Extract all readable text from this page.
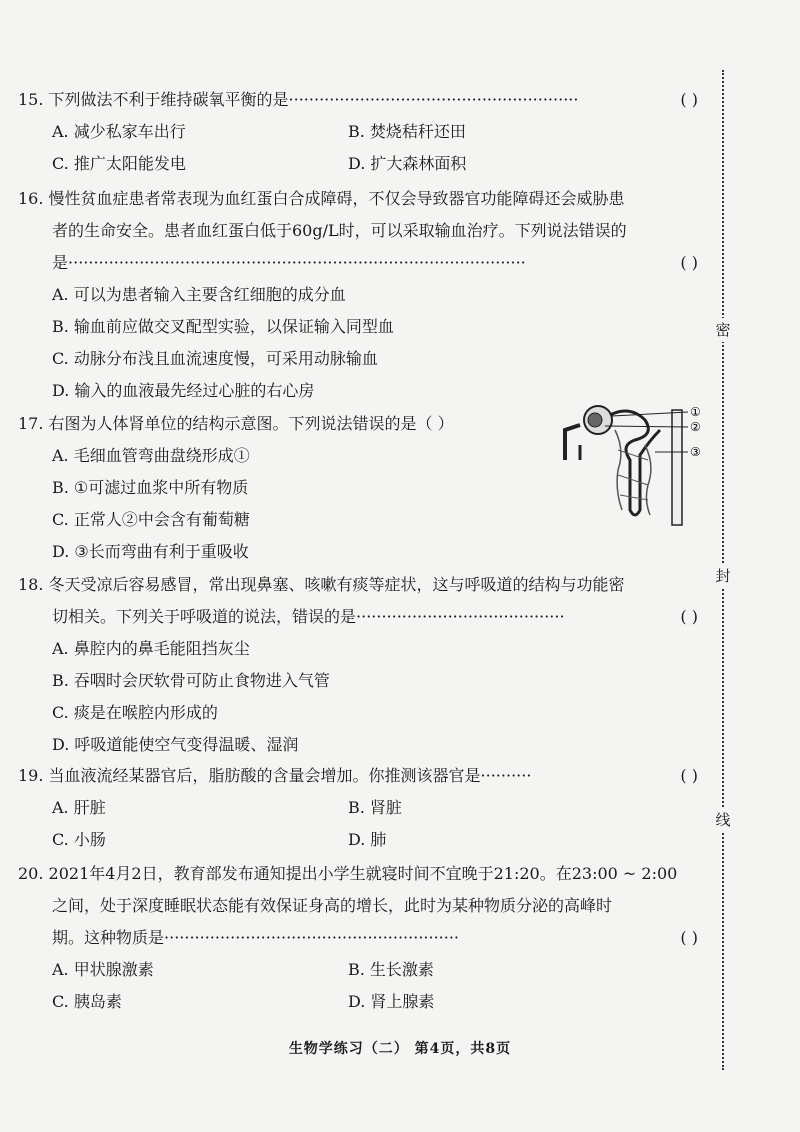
15. 下列做法不利于维持碳氧平衡的是·························································	( )
A. 减少私家车出行	B. 焚烧秸秆还田
C. 推广太阳能发电	D. 扩大森林面积
16. 慢性贫血症患者常表现为血红蛋白合成障碍，不仅会导致器官功能障碍还会威胁患
者的生命安全。患者血红蛋白低于60g/L时，可以采取输血治疗。下列说法错误的
是··························································································	( )
A. 可以为患者输入主要含红细胞的成分血
B. 输血前应做交叉配型实验，以保证输入同型血
C. 动脉分布浅且血流速度慢，可采用动脉输血
D. 输入的血液最先经过心脏的右心房
17. 右图为人体肾单位的结构示意图。下列说法错误的是（ ）
A. 毛细血管弯曲盘绕形成①
B. ①可滤过血浆中所有物质
C. 正常人②中会含有葡萄糖
D. ③长而弯曲有利于重吸收
①
②
③
18. 冬天受凉后容易感冒，常出现鼻塞、咳嗽有痰等症状，这与呼吸道的结构与功能密
切相关。下列关于呼吸道的说法，错误的是·········································	( )
A. 鼻腔内的鼻毛能阻挡灰尘
B. 吞咽时会厌软骨可防止食物进入气管
C. 痰是在喉腔内形成的
D. 呼吸道能使空气变得温暖、湿润
19. 当血液流经某器官后，脂肪酸的含量会增加。你推测该器官是··········	( )
A. 肝脏	B. 肾脏
C. 小肠	D. 肺
20. 2021年4月2日，教育部发布通知提出小学生就寝时间不宜晚于21:20。在23:00 ~ 2:00
之间，处于深度睡眠状态能有效保证身高的增长，此时为某种物质分泌的高峰时
期。这种物质是··························································	( )
A. 甲状腺激素	B. 生长激素
C. 胰岛素	D. 肾上腺素
密
封
线
生物学练习（二） 第4页，共8页
